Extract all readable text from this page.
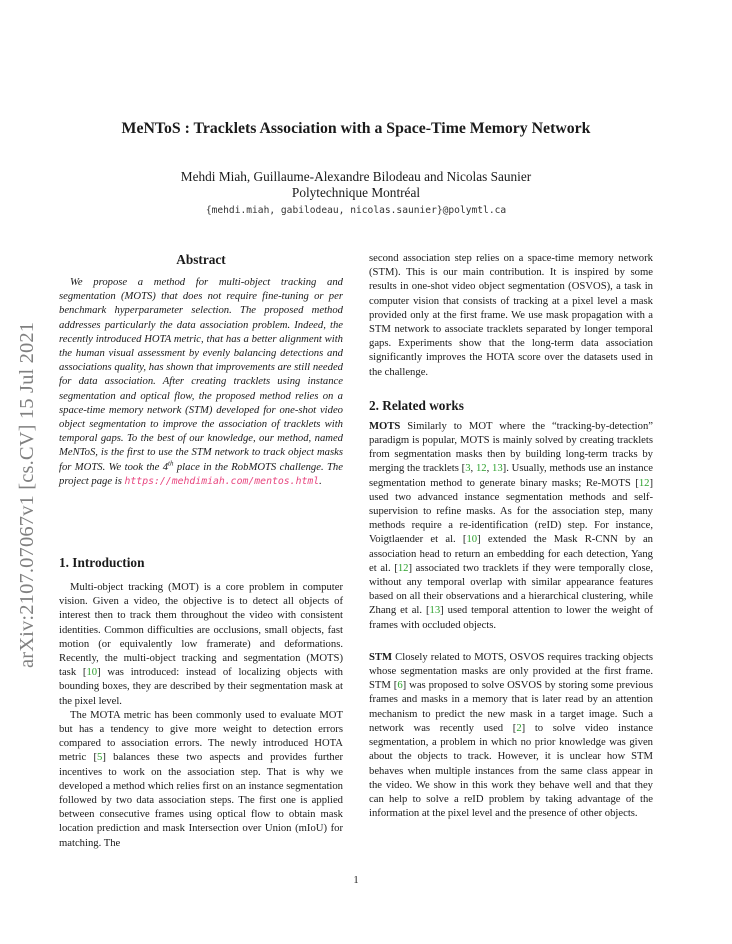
arXiv:2107.07067v1 [cs.CV] 15 Jul 2021
MeNToS : Tracklets Association with a Space-Time Memory Network
Mehdi Miah, Guillaume-Alexandre Bilodeau and Nicolas Saunier
Polytechnique Montréal
{mehdi.miah, gabilodeau, nicolas.saunier}@polymtl.ca
Abstract

We propose a method for multi-object tracking and segmentation (MOTS) that does not require fine-tuning or per benchmark hyperparameter selection. The proposed method addresses particularly the data association problem. Indeed, the recently introduced HOTA metric, that has a better alignment with the human visual assessment by evenly balancing detections and associations quality, has shown that improvements are still needed for data association. After creating tracklets using instance segmentation and optical flow, the proposed method relies on a space-time memory network (STM) developed for one-shot video object segmentation to improve the association of tracklets with temporal gaps. To the best of our knowledge, our method, named MeNToS, is the first to use the STM network to track object masks for MOTS. We took the 4th place in the RobMOTS challenge. The project page is https://mehdimiah.com/mentos.html.

1. Introduction

Multi-object tracking (MOT) is a core problem in computer vision. Given a video, the objective is to detect all objects of interest then to track them throughout the video with consistent identities. Common difficulties are occlusions, small objects, fast motion (or equivalently low framerate) and deformations. Recently, the multi-object tracking and segmentation (MOTS) task [10] was introduced: instead of localizing objects with bounding boxes, they are described by their segmentation mask at the pixel level.

The MOTA metric has been commonly used to evaluate MOT but has a tendency to give more weight to detection errors compared to association errors. The newly introduced HOTA metric [5] balances these two aspects and provides further incentives to work on the association step. That is why we developed a method which relies first on an instance segmentation followed by two data association steps. The first one is applied between consecutive frames using optical flow to obtain mask location prediction and mask Intersection over Union (mIoU) for matching. The

second association step relies on a space-time memory network (STM). This is our main contribution. It is inspired by some results in one-shot video object segmentation (OSVOS), a task in computer vision that consists of tracking at a pixel level a mask provided only at the first frame. We use mask propagation with a STM network to associate tracklets separated by longer temporal gaps. Experiments show that the long-term data association significantly improves the HOTA score over the datasets used in the challenge.

2. Related works

MOTS Similarly to MOT where the “tracking-by-detection” paradigm is popular, MOTS is mainly solved by creating tracklets from segmentation masks then by building long-term tracks by merging the tracklets [3, 12, 13]. Usually, methods use an instance segmentation method to generate binary masks; Re-MOTS [12] used two advanced instance segmentation methods and self-supervision to refine masks. As for the association step, many methods require a re-identification (reID) step. For instance, Voigtlaender et al. [10] extended the Mask R-CNN by an association head to return an embedding for each detection, Yang et al. [12] associated two tracklets if they were temporally close, without any temporal overlap with similar appearance features based on all their observations and a hierarchical clustering, while Zhang et al. [13] used temporal attention to lower the weight of frames with occluded objects.

STM Closely related to MOTS, OSVOS requires tracking objects whose segmentation masks are only provided at the first frame. STM [6] was proposed to solve OSVOS by storing some previous frames and masks in a memory that is later read by an attention mechanism to predict the new mask in a target image. Such a network was recently used [2] to solve video instance segmentation, a problem in which no prior knowledge was given about the objects to track. However, it is unclear how STM behaves when multiple instances from the same class appear in the video. We show in this work they behave well and that they can help to solve a reID problem by taking advantage of the information at the pixel level and the presence of other objects.

1
